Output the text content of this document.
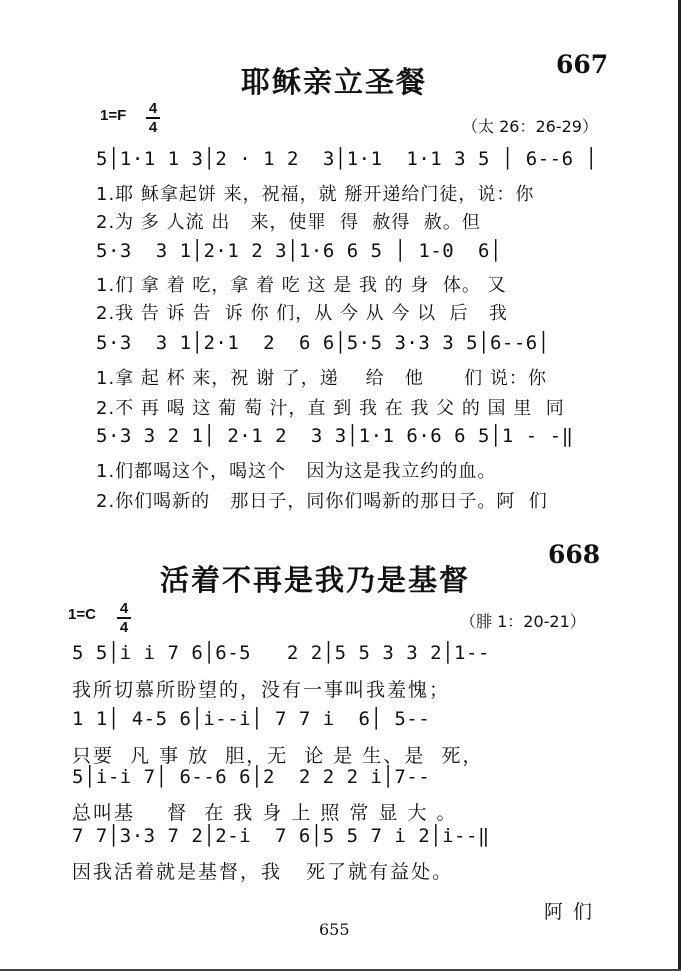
耶稣亲立圣餐
667
1=F 4
4	（太 26：26-29）
5│1·1 1 3│2 · 1 2  3│1·1  1·1 3 5 │ 6--6 │
1.耶 稣拿起饼 来，祝福，就 掰开递给门徒，说：你
2.为 多 人流 出   来，使罪  得  赦得  赦。但
5·3  3 1│2·1 2 3│1·6 6 5 │ 1-0  6│
1.们 拿 着 吃，拿 着 吃 这 是 我 的 身  体。 又
2.我 告 诉 告  诉 你 们，从 今 从 今 以  后   我
5·3  3 1│2·1  2  6 6│5·5 3·3 3 5│6--6│
1.拿 起 杯 来，祝 谢 了，递    给   他      们 说：你
2.不 再 喝 这 葡 萄 汁，直 到 我 在 我 父 的 国 里  同
5·3 3 2 1│ 2·1 2  3 3│1·1 6·6 6 5│1 - -‖
1.们都喝这个，喝这个   因为这是我立约的血。
2.你们喝新的   那日子，同你们喝新的那日子。阿  们
668
活着不再是我乃是基督
1=C 4
4	（腓 1：20-21）
5 5│i i 7 6│6-5   2 2│5 5 3 3 2│1--
我所切慕所盼望的，没有一事叫我羞愧；
1 1│ 4-5 6│i--i│ 7 7 i  6│ 5--
只要  凡 事 放  胆，无  论 是 生、是  死，
5│i-i 7│ 6--6 6│2  2 2 2 i│7--
总叫基    督  在 我 身 上 照 常 显 大 。
7 7│3·3 7 2│2-i  7 6│5 5 7 i 2│i--‖
因我活着就是基督，我   死了就有益处。
阿 们
655
